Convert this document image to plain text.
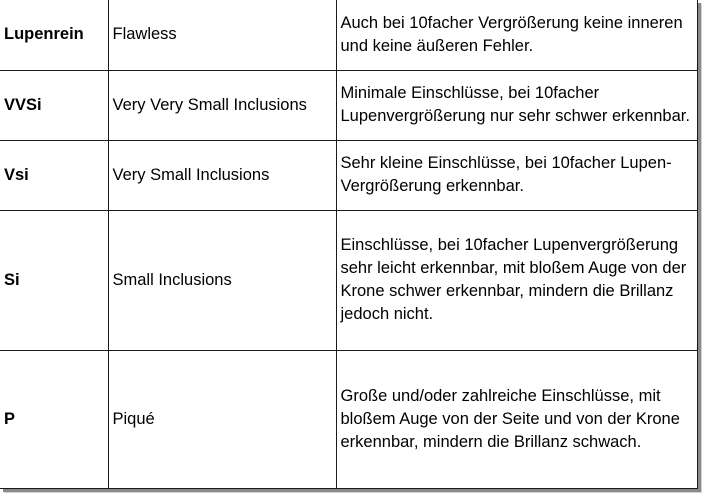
Lupenrein	Flawless	Auch bei 10facher Vergrößerung keine inneren und keine äußeren Fehler.
VVSi	Very Very Small Inclusions	Minimale Einschlüsse, bei 10facher Lupenvergrößerung nur sehr schwer erkennbar.
Vsi	Very Small Inclusions	Sehr kleine Einschlüsse, bei 10facher Lupen-Vergrößerung erkennbar.
Si	Small Inclusions	Einschlüsse, bei 10facher Lupenvergrößerung sehr leicht erkennbar, mit bloßem Auge von der Krone schwer erkennbar, mindern die Brillanz jedoch nicht.
P	Piqué	Große und/oder zahlreiche Einschlüsse, mit bloßem Auge von der Seite und von der Krone erkennbar, mindern die Brillanz schwach.
